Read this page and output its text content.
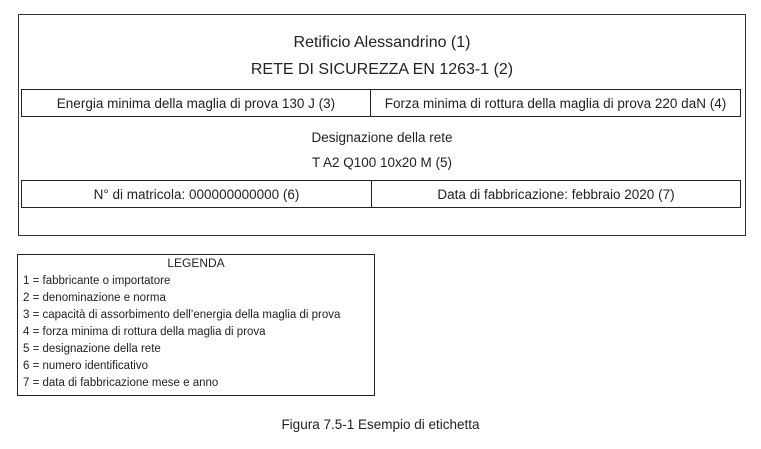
Retificio Alessandrino (1)
RETE DI SICUREZZA EN 1263-1 (2)
Energia minima della maglia di prova 130 J (3)	Forza minima di rottura della maglia di prova 220 daN (4)
Designazione della rete
T A2 Q100 10x20 M (5)
N° di matricola: 000000000000 (6)	Data di fabbricazione: febbraio 2020 (7)
LEGENDA
1 = fabbricante o importatore
2 = denominazione e norma
3 = capacità di assorbimento dell’energia della maglia di prova
4 = forza minima di rottura della maglia di prova
5 = designazione della rete
6 = numero identificativo
7 = data di fabbricazione mese e anno
Figura 7.5-1 Esempio di etichetta
